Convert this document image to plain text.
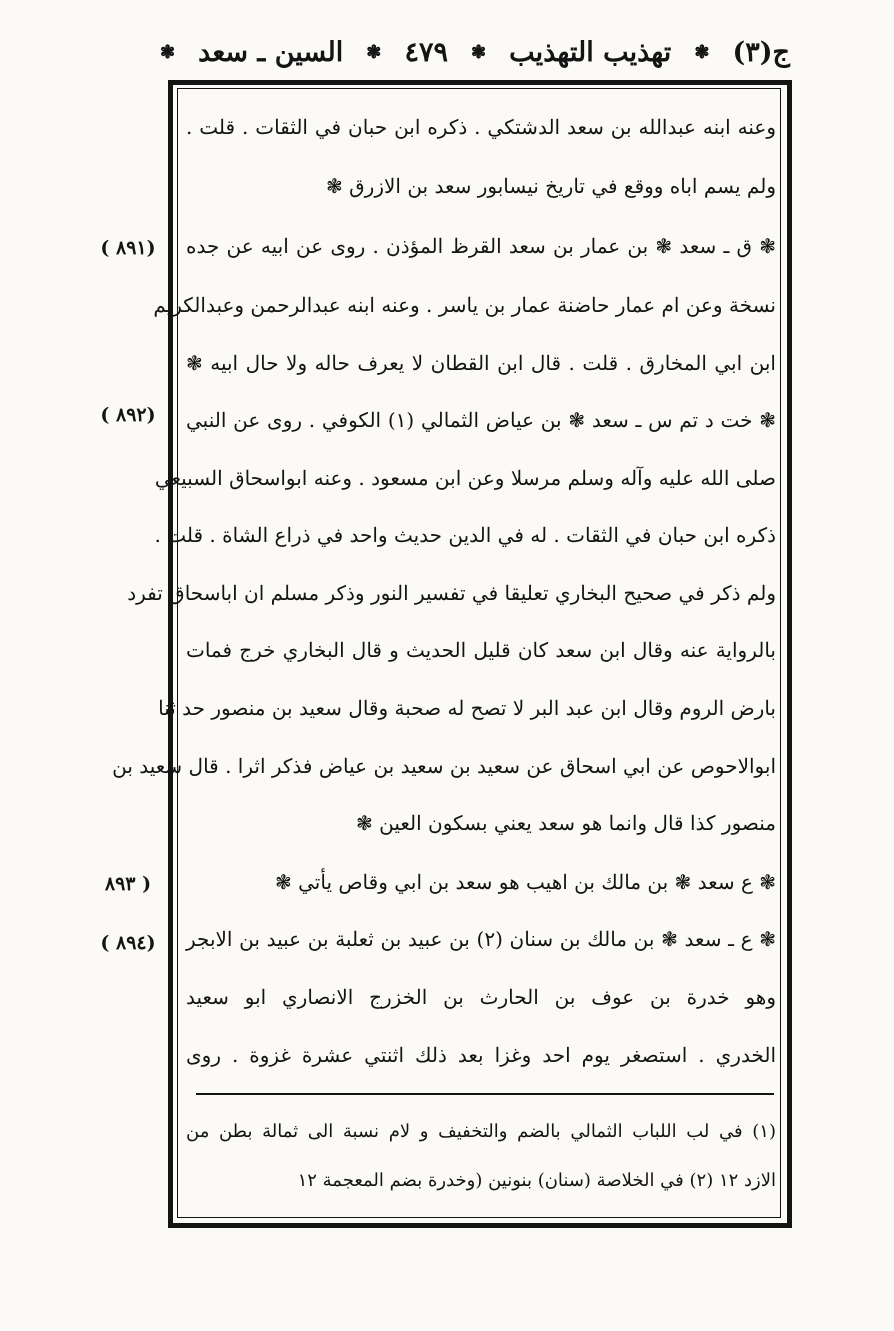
ج(٣)
❃
تهذيب التهذيب
❃
٤٧٩
❃
السين ـ سعد
❃
وعنه ابنه عبدالله بن سعد الدشتكي . ذكره ابن حبان في الثقات . قلت .
ولم يسم اباه ووقع في تاريخ نيسابور سعد بن الازرق ❃
❃ ق ـ سعد ❃ بن عمار بن سعد القرظ المؤذن . روى عن ابيه عن جده
نسخة وعن ام عمار حاضنة عمار بن ياسر . وعنه ابنه عبدالرحمن وعبدالكريم
ابن ابي المخارق . قلت . قال ابن القطان لا يعرف حاله ولا حال ابيه ❃
❃ خت د تم س ـ سعد ❃ بن عياض الثمالي (١) الكوفي . روى عن النبي
صلى الله عليه وآله وسلم مرسلا وعن ابن مسعود . وعنه ابواسحاق السبيعي
ذكره ابن حبان في الثقات . له في الدين حديث واحد في ذراع الشاة . قلت .
ولم ذكر في صحيح البخاري تعليقا في تفسير النور وذكر مسلم ان اباسحاق تفرد
بالرواية عنه وقال ابن سعد كان قليل الحديث و قال البخاري خرج فمات
بارض الروم وقال ابن عبد البر لا تصح له صحبة وقال سعيد بن منصور حد ثنا
ابوالاحوص عن ابي اسحاق عن سعيد بن سعيد بن عياض فذكر اثرا . قال سعيد بن
منصور كذا قال وانما هو سعد يعني بسكون العين ❃
❃ ع سعد ❃ بن مالك بن اهيب هو سعد بن ابي وقاص يأتي ❃
❃ ع ـ سعد ❃ بن مالك بن سنان (٢) بن عبيد بن ثعلبة بن عبيد بن الابجر
وهو خدرة بن عوف بن الحارث بن الخزرج الانصاري ابو سعيد
الخدري . استصغر يوم احد وغزا بعد ذلك اثنتي عشرة غزوة . روى
( ٨٩١)
( ٨٩٢)
٨٩٣ )
( ٨٩٤)
(١) في لب اللباب الثمالي بالضم والتخفيف و لام نسبة الى ثمالة بطن من
الازد ١٢ (٢) في الخلاصة (سنان) بنونين (وخدرة بضم المعجمة ١٢
